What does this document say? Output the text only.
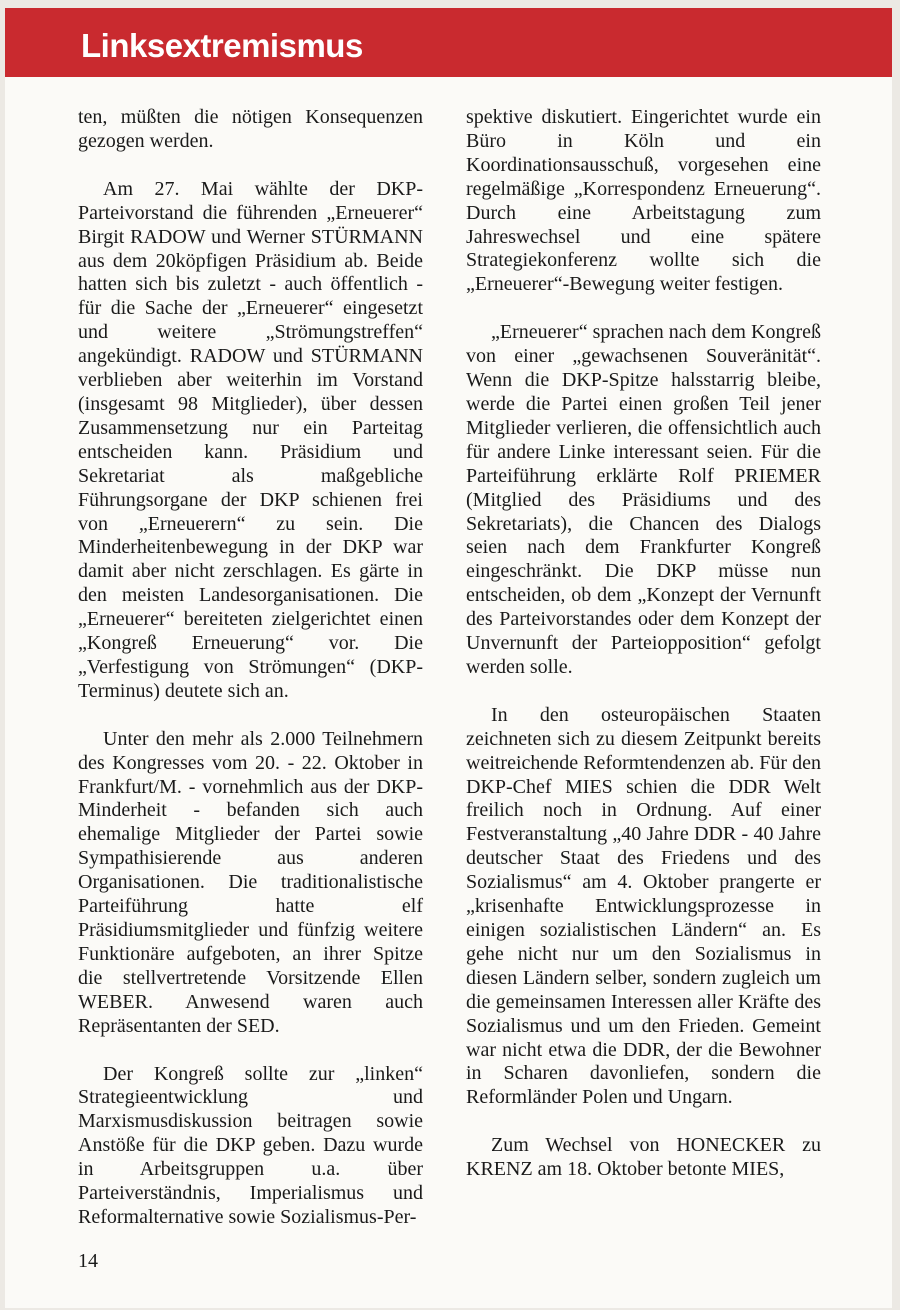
Linksextremismus

ten, müßten die nötigen Konsequenzen gezogen werden.

Am 27. Mai wählte der DKP-Parteivorstand die führenden „Erneuerer“ Birgit RADOW und Werner STÜRMANN aus dem 20köpfigen Präsidium ab. Beide hatten sich bis zuletzt - auch öffentlich - für die Sache der „Erneuerer“ eingesetzt und weitere „Strömungstreffen“ angekündigt. RADOW und STÜRMANN verblieben aber weiterhin im Vorstand (insgesamt 98 Mitglieder), über dessen Zusammensetzung nur ein Parteitag entscheiden kann. Präsidium und Sekretariat als maßgebliche Führungsorgane der DKP schienen frei von „Erneuerern“ zu sein. Die Minderheitenbewegung in der DKP war damit aber nicht zerschlagen. Es gärte in den meisten Landesorganisationen. Die „Erneuerer“ bereiteten zielgerichtet einen „Kongreß Erneuerung“ vor. Die „Verfestigung von Strömungen“ (DKP-Terminus) deutete sich an.

Unter den mehr als 2.000 Teilnehmern des Kongresses vom 20. - 22. Oktober in Frankfurt/M. - vornehmlich aus der DKP-Minderheit - befanden sich auch ehemalige Mitglieder der Partei sowie Sympathisierende aus anderen Organisationen. Die traditionalistische Parteiführung hatte elf Präsidiumsmitglieder und fünfzig weitere Funktionäre aufgeboten, an ihrer Spitze die stellvertretende Vorsitzende Ellen WEBER. Anwesend waren auch Repräsentanten der SED.

Der Kongreß sollte zur „linken“ Strategieentwicklung und Marxismusdiskussion beitragen sowie Anstöße für die DKP geben. Dazu wurde in Arbeitsgruppen u.a. über Parteiverständnis, Imperialismus und Reformalternative sowie Sozialismus-Per-

spektive diskutiert. Eingerichtet wurde ein Büro in Köln und ein Koordinationsausschuß, vorgesehen eine regelmäßige „Korrespondenz Erneuerung“. Durch eine Arbeitstagung zum Jahreswechsel und eine spätere Strategiekonferenz wollte sich die „Erneuerer“-Bewegung weiter festigen.

„Erneuerer“ sprachen nach dem Kongreß von einer „gewachsenen Souveränität“. Wenn die DKP-Spitze halsstarrig bleibe, werde die Partei einen großen Teil jener Mitglieder verlieren, die offensichtlich auch für andere Linke interessant seien. Für die Parteiführung erklärte Rolf PRIEMER (Mitglied des Präsidiums und des Sekretariats), die Chancen des Dialogs seien nach dem Frankfurter Kongreß eingeschränkt. Die DKP müsse nun entscheiden, ob dem „Konzept der Vernunft des Parteivorstandes oder dem Konzept der Unvernunft der Parteiopposition“ gefolgt werden solle.

In den osteuropäischen Staaten zeichneten sich zu diesem Zeitpunkt bereits weitreichende Reformtendenzen ab. Für den DKP-Chef MIES schien die DDR Welt freilich noch in Ordnung. Auf einer Festveranstaltung „40 Jahre DDR - 40 Jahre deutscher Staat des Friedens und des Sozialismus“ am 4. Oktober prangerte er „krisenhafte Entwicklungsprozesse in einigen sozialistischen Ländern“ an. Es gehe nicht nur um den Sozialismus in diesen Ländern selber, sondern zugleich um die gemeinsamen Interessen aller Kräfte des Sozialismus und um den Frieden. Gemeint war nicht etwa die DDR, der die Bewohner in Scharen davonliefen, sondern die Reformländer Polen und Ungarn.

Zum Wechsel von HONECKER zu KRENZ am 18. Oktober betonte MIES,

14
